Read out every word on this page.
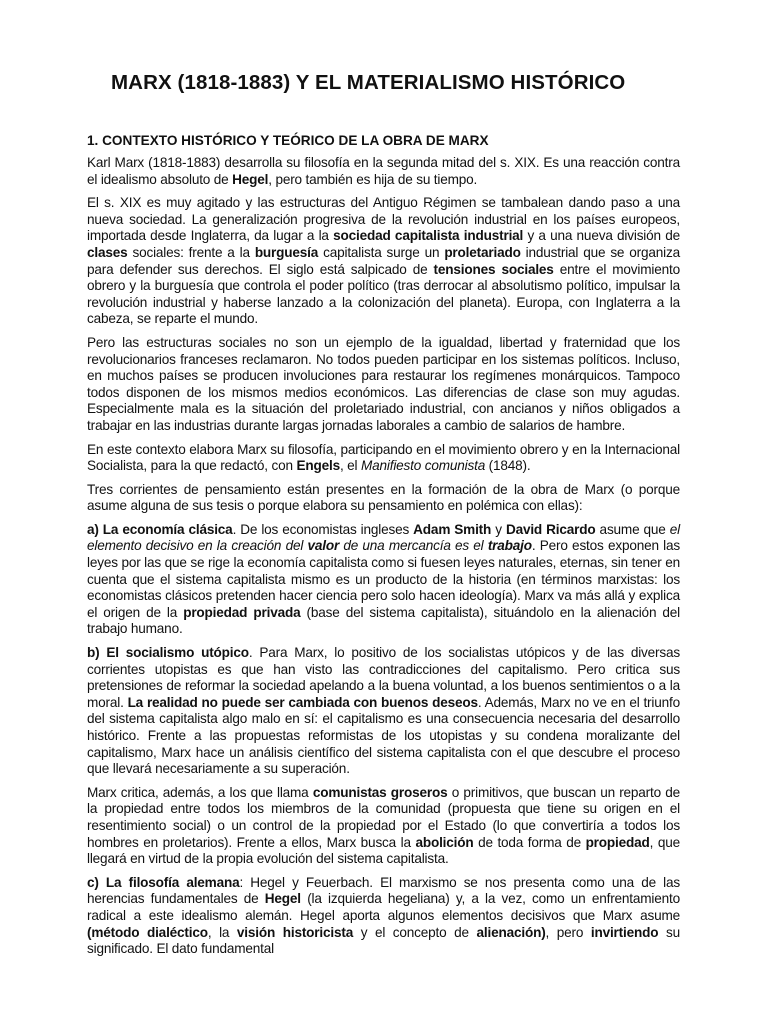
MARX (1818-1883) Y EL MATERIALISMO HISTÓRICO
1. CONTEXTO HISTÓRICO Y TEÓRICO DE LA OBRA DE MARX

Karl Marx (1818-1883) desarrolla su filosofía en la segunda mitad del s. XIX. Es una reacción contra el idealismo absoluto de Hegel, pero también es hija de su tiempo.

El s. XIX es muy agitado y las estructuras del Antiguo Régimen se tambalean dando paso a una nueva sociedad. La generalización progresiva de la revolución industrial en los países europeos, importada desde Inglaterra, da lugar a la sociedad capitalista industrial y a una nueva división de clases sociales: frente a la burguesía capitalista surge un proletariado industrial que se organiza para defender sus derechos. El siglo está salpicado de tensiones sociales entre el movimiento obrero y la burguesía que controla el poder político (tras derrocar al absolutismo político, impulsar la revolución industrial y haberse lanzado a la colonización del planeta). Europa, con Inglaterra a la cabeza, se reparte el mundo.

Pero las estructuras sociales no son un ejemplo de la igualdad, libertad y fraternidad que los revolucionarios franceses reclamaron. No todos pueden participar en los sistemas políticos. Incluso, en muchos países se producen involuciones para restaurar los regímenes monárquicos. Tampoco todos disponen de los mismos medios económicos. Las diferencias de clase son muy agudas. Especialmente mala es la situación del proletariado industrial, con ancianos y niños obligados a trabajar en las industrias durante largas jornadas laborales a cambio de salarios de hambre.

En este contexto elabora Marx su filosofía, participando en el movimiento obrero y en la Internacional Socialista, para la que redactó, con Engels, el Manifiesto comunista (1848).

Tres corrientes de pensamiento están presentes en la formación de la obra de Marx (o porque asume alguna de sus tesis o porque elabora su pensamiento en polémica con ellas):

a) La economía clásica. De los economistas ingleses Adam Smith y David Ricardo asume que el elemento decisivo en la creación del valor de una mercancía es el trabajo. Pero estos exponen las leyes por las que se rige la economía capitalista como si fuesen leyes naturales, eternas, sin tener en cuenta que el sistema capitalista mismo es un producto de la historia (en términos marxistas: los economistas clásicos pretenden hacer ciencia pero solo hacen ideología). Marx va más allá y explica el origen de la propiedad privada (base del sistema capitalista), situándolo en la alienación del trabajo humano.

b) El socialismo utópico. Para Marx, lo positivo de los socialistas utópicos y de las diversas corrientes utopistas es que han visto las contradicciones del capitalismo. Pero critica sus pretensiones de reformar la sociedad apelando a la buena voluntad, a los buenos sentimientos o a la moral. La realidad no puede ser cambiada con buenos deseos. Además, Marx no ve en el triunfo del sistema capitalista algo malo en sí: el capitalismo es una consecuencia necesaria del desarrollo histórico. Frente a las propuestas reformistas de los utopistas y su condena moralizante del capitalismo, Marx hace un análisis científico del sistema capitalista con el que descubre el proceso que llevará necesariamente a su superación.

Marx critica, además, a los que llama comunistas groseros o primitivos, que buscan un reparto de la propiedad entre todos los miembros de la comunidad (propuesta que tiene su origen en el resentimiento social) o un control de la propiedad por el Estado (lo que convertiría a todos los hombres en proletarios). Frente a ellos, Marx busca la abolición de toda forma de propiedad, que llegará en virtud de la propia evolución del sistema capitalista.

c) La filosofía alemana: Hegel y Feuerbach. El marxismo se nos presenta como una de las herencias fundamentales de Hegel (la izquierda hegeliana) y, a la vez, como un enfrentamiento radical a este idealismo alemán. Hegel aporta algunos elementos decisivos que Marx asume (método dialéctico, la visión historicista y el concepto de alienación), pero invirtiendo su significado. El dato fundamental
